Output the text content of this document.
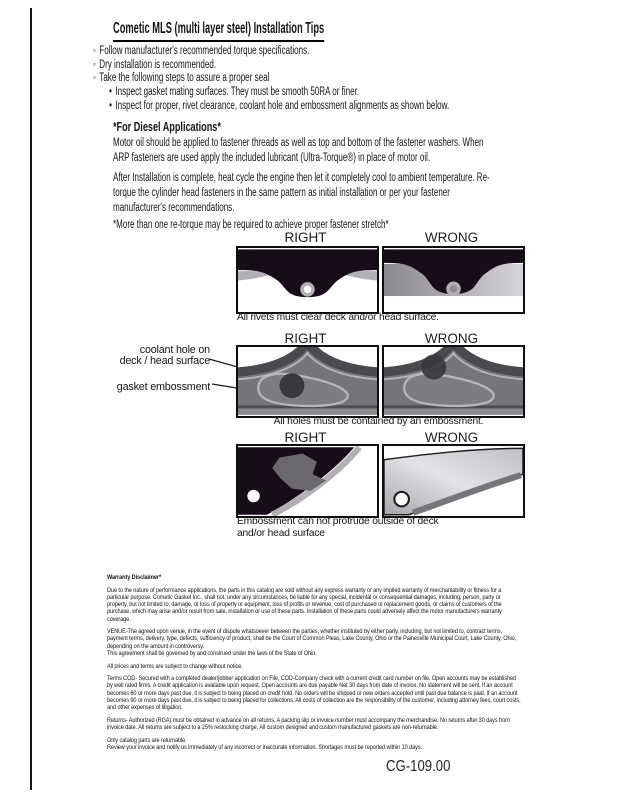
Cometic MLS (multi layer steel) Installation Tips
◦ Follow manufacturer's recommended torque specifications.
◦ Dry installation is recommended.
◦ Take the following steps to assure a proper seal
• Inspect gasket mating surfaces. They must be smooth 50RA or finer.
• Inspect for proper, rivet clearance, coolant hole and embossment alignments as shown below.
*For Diesel Applications*

Motor oil should be applied to fastener threads as well as top and bottom of the fastener washers. When ARP fasteners are used apply the included lubricant (Ultra-Torque®) in place of motor oil.

After Installation is complete, heat cycle the engine then let it completely cool to ambient temperature. Re-torque the cylinder head fasteners in the same pattern as initial installation or per your fastener manufacturer's recommendations.

*More than one re-torque may be required to achieve proper fastener stretch*
RIGHT	WRONG
All rivets must clear deck and/or head surface.
RIGHT	WRONG
coolant hole on
deck / head surface
gasket embossment
All holes must be contained by an embossment.
RIGHT	WRONG
Embossment can not protrude outside of deck
and/or head surface

Warranty Disclaimer*

Due to the nature of performance applications, the parts in this catalog are sold without any express warranty or any implied warranty of merchantability or fitness for a particular purpose. Cometic Gasket Inc., shall not, under any circumstances, be liable for any special, incidental or consequential damages, including, person, party or property, but not limited to, damage, or loss of property or equipment, loss of profits or revenue, cost of purchased or replacement goods, or claims of customers of the purchase, which may arise and/or result from sale, installation or use of these parts. Installation of these parts could adversely affect the motor manufacturers warranty coverage.

VENUE-The agreed upon venue, in the event of dispute whatsoever between the parties, whether instituted by either party, including, but not limited to, contract terms, payment terms, delivery, type, defects, sufficiency of product, shall be the Court of Common Pleas, Lake County, Ohio or the Painesville Municipal Court, Lake County, Ohio, depending on the amount in controversy.

This agreement shall be governed by and construed under the laws of the State of Ohio.

All prices and terms are subject to change without notice.

Terms COD- Secured with a completed dealer/jobber application on File, COD-Company check with a current credit card number on file. Open accounts may be established by well rated firms. A credit application is available upon request. Open accounts are due payable Net 30 days from date of invoice. No statement will be sent. If an account becomes 60 or more days past due, it is subject to being placed on credit hold. No orders will be shipped or new orders accepted until past due balance is paid. If an account becomes 90 or more days past due, it is subject to being placed for collections. All costs of collection are the responsibility of the customer, including attorney fees, court costs, and other expenses of litigation.

Returns- Authorized (RGA) must be obtained in advance on all returns. A packing slip or invoice number must accompany the merchandise. No returns after 30 days from invoice date. All returns are subject to a 25% restocking charge. All custom designed and custom manufactured gaskets are non-returnable.

Only catalog parts are returnable.

Review your invoice and notify us immediately of any incorrect or inaccurate information. Shortages must be reported within 10 days.

CG-109.00
